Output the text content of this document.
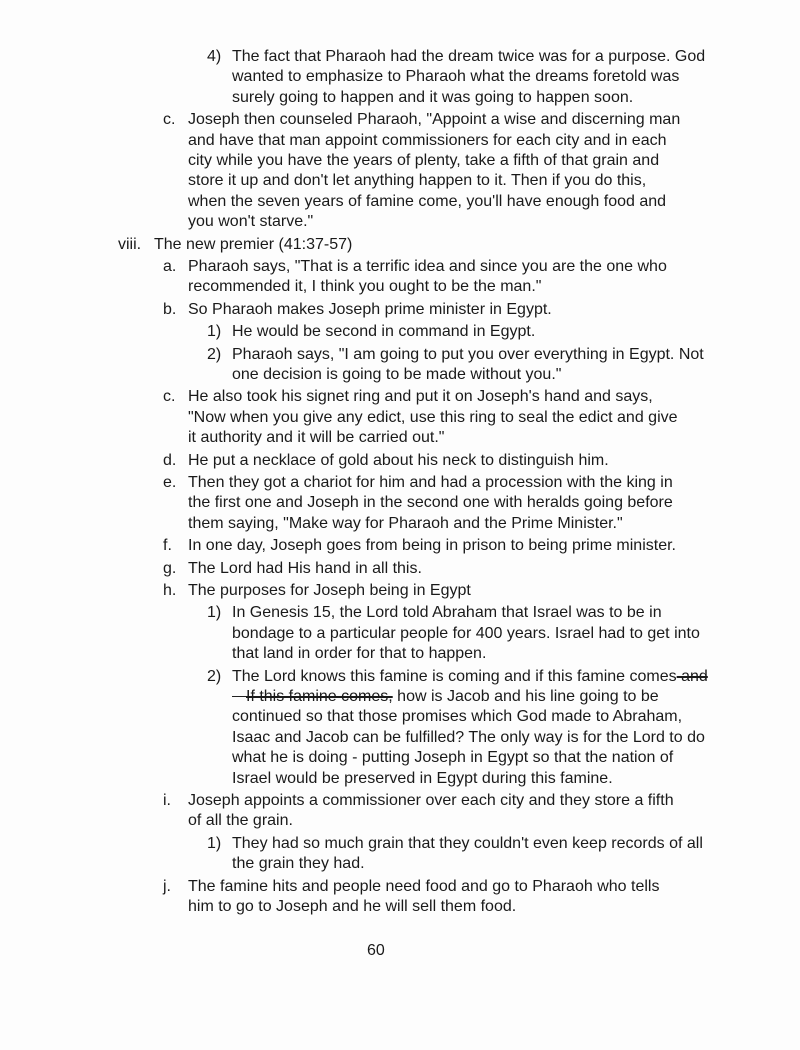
4) The fact that Pharaoh had the dream twice was for a purpose. God
wanted to emphasize to Pharaoh what the dreams foretold was
surely going to happen and it was going to happen soon.
c. Joseph then counseled Pharaoh, "Appoint a wise and discerning man
and have that man appoint commissioners for each city and in each
city while you have the years of plenty, take a fifth of that grain and
store it up and don't let anything happen to it. Then if you do this,
when the seven years of famine come, you'll have enough food and
you won't starve."
viii. The new premier (41:37-57)
a. Pharaoh says, "That is a terrific idea and since you are the one who
recommended it, I think you ought to be the man."
b. So Pharaoh makes Joseph prime minister in Egypt.
1) He would be second in command in Egypt.
2) Pharaoh says, "I am going to put you over everything in Egypt. Not
one decision is going to be made without you."
c. He also took his signet ring and put it on Joseph's hand and says,
"Now when you give any edict, use this ring to seal the edict and give
it authority and it will be carried out."
d. He put a necklace of gold about his neck to distinguish him.
e. Then they got a chariot for him and had a procession with the king in
the first one and Joseph in the second one with heralds going before
them saying, "Make way for Pharaoh and the Prime Minister."
f. In one day, Joseph goes from being in prison to being prime minister.
g. The Lord had His hand in all this.
h. The purposes for Joseph being in Egypt
1) In Genesis 15, the Lord told Abraham that Israel was to be in
bondage to a particular people for 400 years. Israel had to get into
that land in order for that to happen.
2) The Lord knows this famine is coming and if this famine comes and
If this famine comes, how is Jacob and his line going to be
continued so that those promises which God made to Abraham,
Isaac and Jacob can be fulfilled? The only way is for the Lord to do
what he is doing - putting Joseph in Egypt so that the nation of
Israel would be preserved in Egypt during this famine.
i. Joseph appoints a commissioner over each city and they store a fifth
of all the grain.
1) They had so much grain that they couldn't even keep records of all
the grain they had.
j. The famine hits and people need food and go to Pharaoh who tells
him to go to Joseph and he will sell them food.
60
